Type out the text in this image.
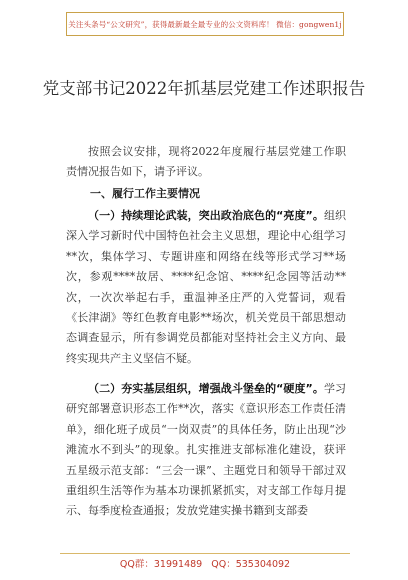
关注头条号“公文研究”，获得最新最全最专业的公文资料库！ 微信：gongwen1j
党支部书记2022年抓基层党建工作述职报告
按照会议安排，现将2022年度履行基层党建工作职责情况报告如下，请予评议。
一、履行工作主要情况
（一）持续理论武装，突出政治底色的“亮度”。组织深入学习新时代中国特色社会主义思想，理论中心组学习**次，集体学习、专题讲座和网络在线等形式学习**场次，参观****故居、****纪念馆、****纪念园等活动**次，一次次举起右手，重温神圣庄严的入党誓词，观看《长津湖》等红色教育电影**场次，机关党员干部思想动态调查显示，所有参调党员都能对坚持社会主义方向、最终实现共产主义坚信不疑。
（二）夯实基层组织，增强战斗堡垒的“硬度”。学习研究部署意识形态工作**次，落实《意识形态工作责任清单》，细化班子成员“一岗双责”的具体任务，防止出现“沙滩流水不到头”的现象。扎实推进支部标准化建设，获评五星级示范支部：“三会一课”、主题党日和领导干部过双重组织生活等作为基本功课抓紧抓实，对支部工作每月提示、每季度检查通报；发放党建实操书籍到支部委
QQ群：31991489 QQ：535304092
